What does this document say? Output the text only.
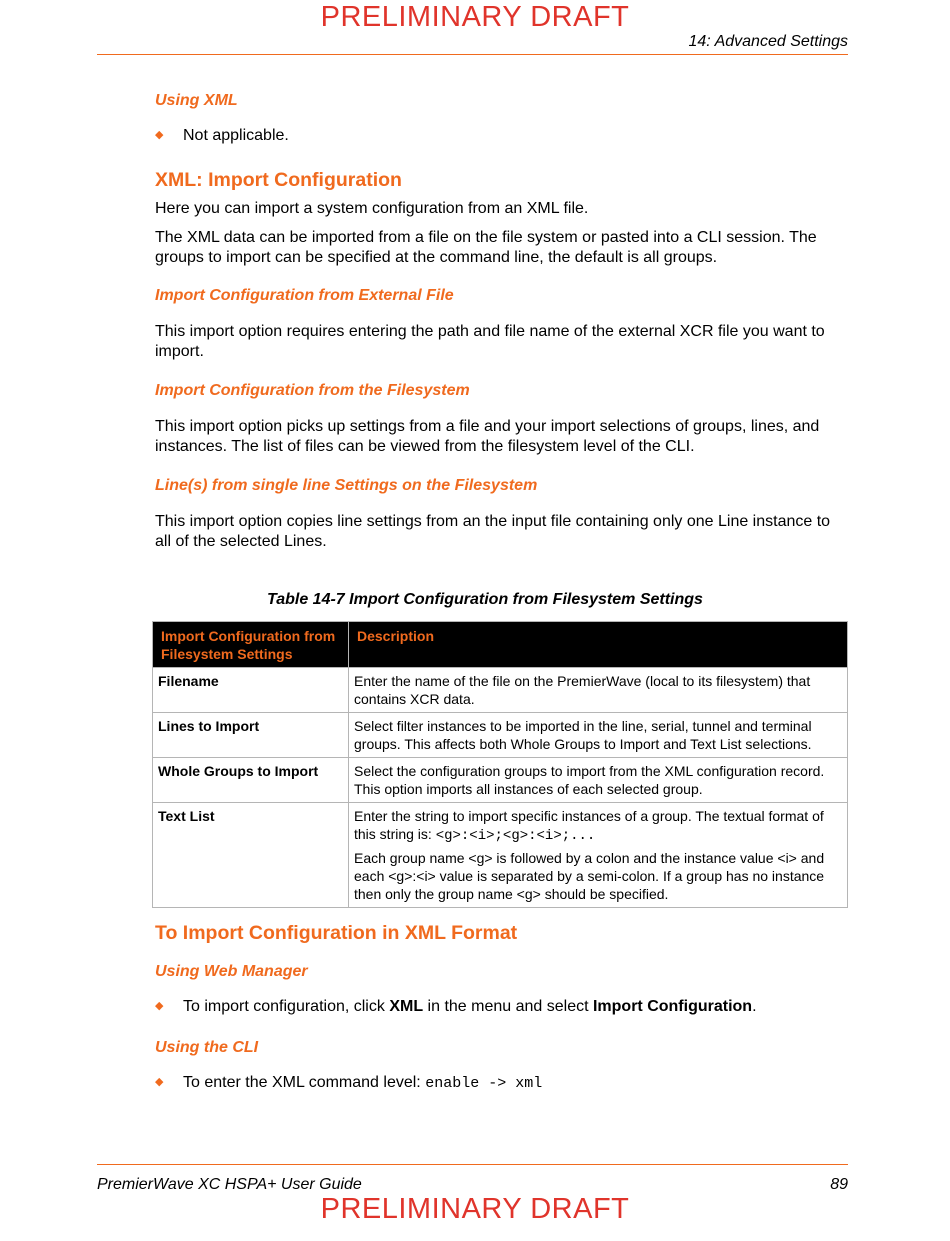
PRELIMINARY DRAFT
14: Advanced Settings
Using XML
◆ Not applicable.
XML: Import Configuration
Here you can import a system configuration from an XML file.
The XML data can be imported from a file on the file system or pasted into a CLI session. The groups to import can be specified at the command line, the default is all groups.
Import Configuration from External File
This import option requires entering the path and file name of the external XCR file you want to import.
Import Configuration from the Filesystem
This import option picks up settings from a file and your import selections of groups, lines, and instances. The list of files can be viewed from the filesystem level of the CLI.
Line(s) from single line Settings on the Filesystem
This import option copies line settings from an the input file containing only one Line instance to all of the selected Lines.
Table 14-7 Import Configuration from Filesystem Settings
Import Configuration from Filesystem Settings	Description
Filename	Enter the name of the file on the PremierWave (local to its filesystem) that contains XCR data.
Lines to Import	Select filter instances to be imported in the line, serial, tunnel and terminal groups. This affects both Whole Groups to Import and Text List selections.
Whole Groups to Import	Select the configuration groups to import from the XML configuration record. This option imports all instances of each selected group.
Text List	Enter the string to import specific instances of a group. The textual format of this string is: <g>:<i>;<g>:<i>;...
Each group name <g> is followed by a colon and the instance value <i> and each <g>:<i> value is separated by a semi-colon. If a group has no instance then only the group name <g> should be specified.
To Import Configuration in XML Format
Using Web Manager
◆ To import configuration, click XML in the menu and select Import Configuration.
Using the CLI
◆ To enter the XML command level: enable -> xml
PremierWave XC HSPA+ User Guide	89
PRELIMINARY DRAFT
